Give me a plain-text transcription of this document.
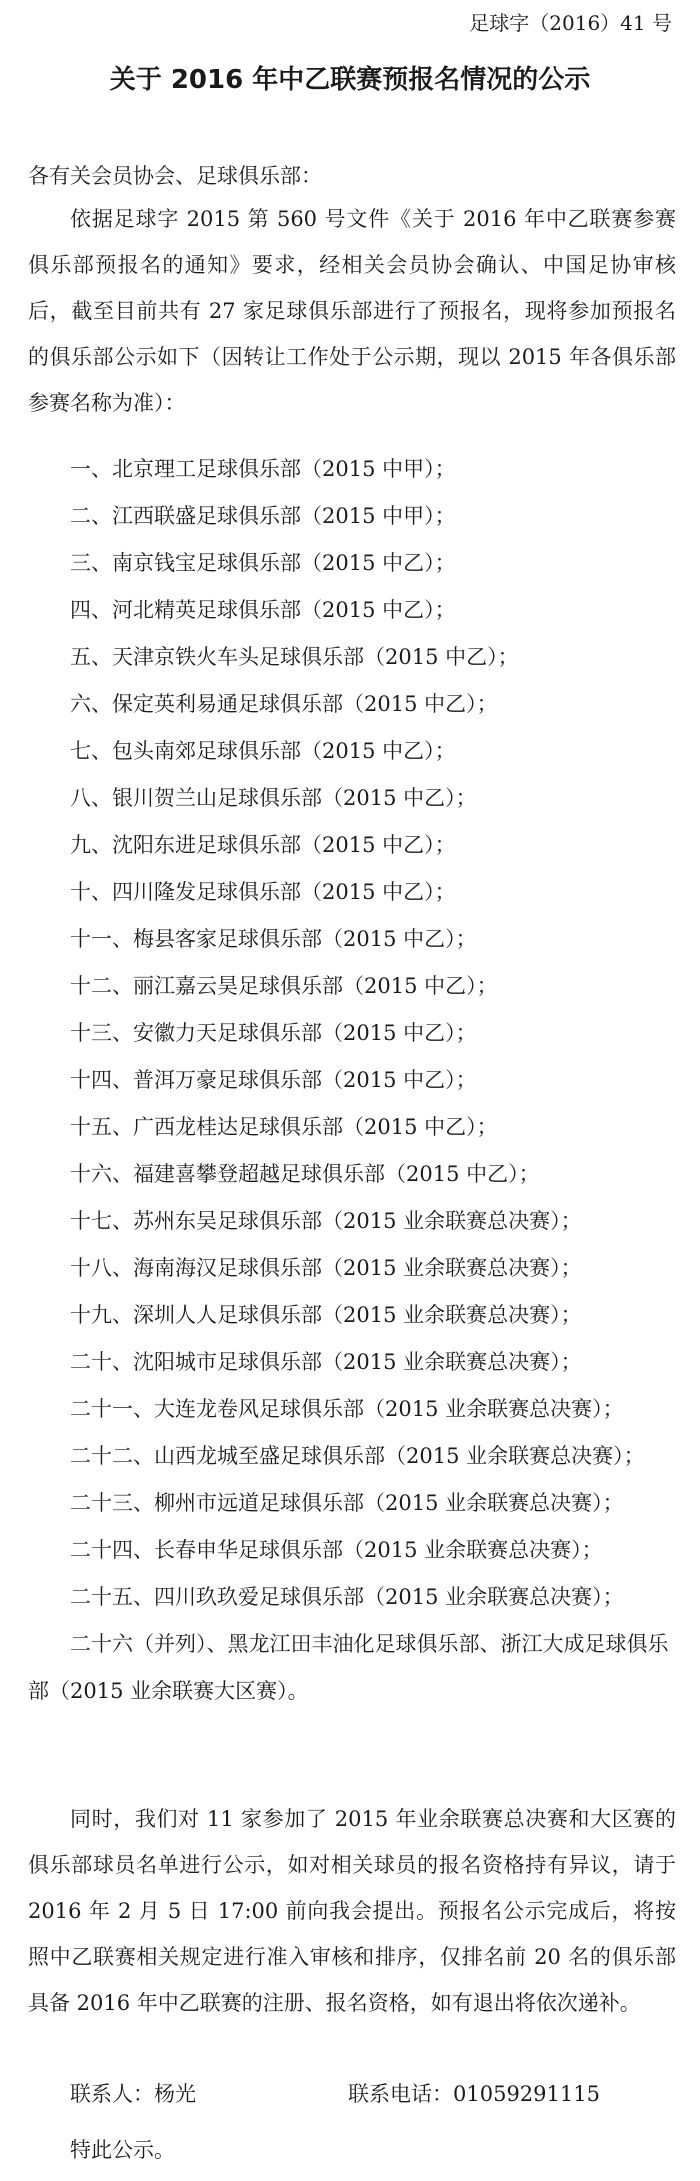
足球字（2016）41 号
关于 2016 年中乙联赛预报名情况的公示
各有关会员协会、足球俱乐部：
依据足球字 2015 第 560 号文件《关于 2016 年中乙联赛参赛俱乐部预报名的通知》要求，经相关会员协会确认、中国足协审核后，截至目前共有 27 家足球俱乐部进行了预报名，现将参加预报名的俱乐部公示如下（因转让工作处于公示期，现以 2015 年各俱乐部参赛名称为准）：
一、北京理工足球俱乐部（2015 中甲）；
二、江西联盛足球俱乐部（2015 中甲）；
三、南京钱宝足球俱乐部（2015 中乙）；
四、河北精英足球俱乐部（2015 中乙）；
五、天津京铁火车头足球俱乐部（2015 中乙）；
六、保定英利易通足球俱乐部（2015 中乙）；
七、包头南郊足球俱乐部（2015 中乙）；
八、银川贺兰山足球俱乐部（2015 中乙）；
九、沈阳东进足球俱乐部（2015 中乙）；
十、四川隆发足球俱乐部（2015 中乙）；
十一、梅县客家足球俱乐部（2015 中乙）；
十二、丽江嘉云昊足球俱乐部（2015 中乙）；
十三、安徽力天足球俱乐部（2015 中乙）；
十四、普洱万豪足球俱乐部（2015 中乙）；
十五、广西龙桂达足球俱乐部（2015 中乙）；
十六、福建喜攀登超越足球俱乐部（2015 中乙）；
十七、苏州东吴足球俱乐部（2015 业余联赛总决赛）；
十八、海南海汉足球俱乐部（2015 业余联赛总决赛）；
十九、深圳人人足球俱乐部（2015 业余联赛总决赛）；
二十、沈阳城市足球俱乐部（2015 业余联赛总决赛）；
二十一、大连龙卷风足球俱乐部（2015 业余联赛总决赛）；
二十二、山西龙城至盛足球俱乐部（2015 业余联赛总决赛）；
二十三、柳州市远道足球俱乐部（2015 业余联赛总决赛）；
二十四、长春申华足球俱乐部（2015 业余联赛总决赛）；
二十五、四川玖玖爱足球俱乐部（2015 业余联赛总决赛）；
二十六（并列）、黑龙江田丰油化足球俱乐部、浙江大成足球俱乐部（2015 业余联赛大区赛）。
同时，我们对 11 家参加了 2015 年业余联赛总决赛和大区赛的俱乐部球员名单进行公示，如对相关球员的报名资格持有异议，请于 2016 年 2 月 5 日 17:00 前向我会提出。预报名公示完成后，将按照中乙联赛相关规定进行准入审核和排序，仅排名前 20 名的俱乐部具备 2016 年中乙联赛的注册、报名资格，如有退出将依次递补。
联系人：杨光	联系电话：01059291115
特此公示。
